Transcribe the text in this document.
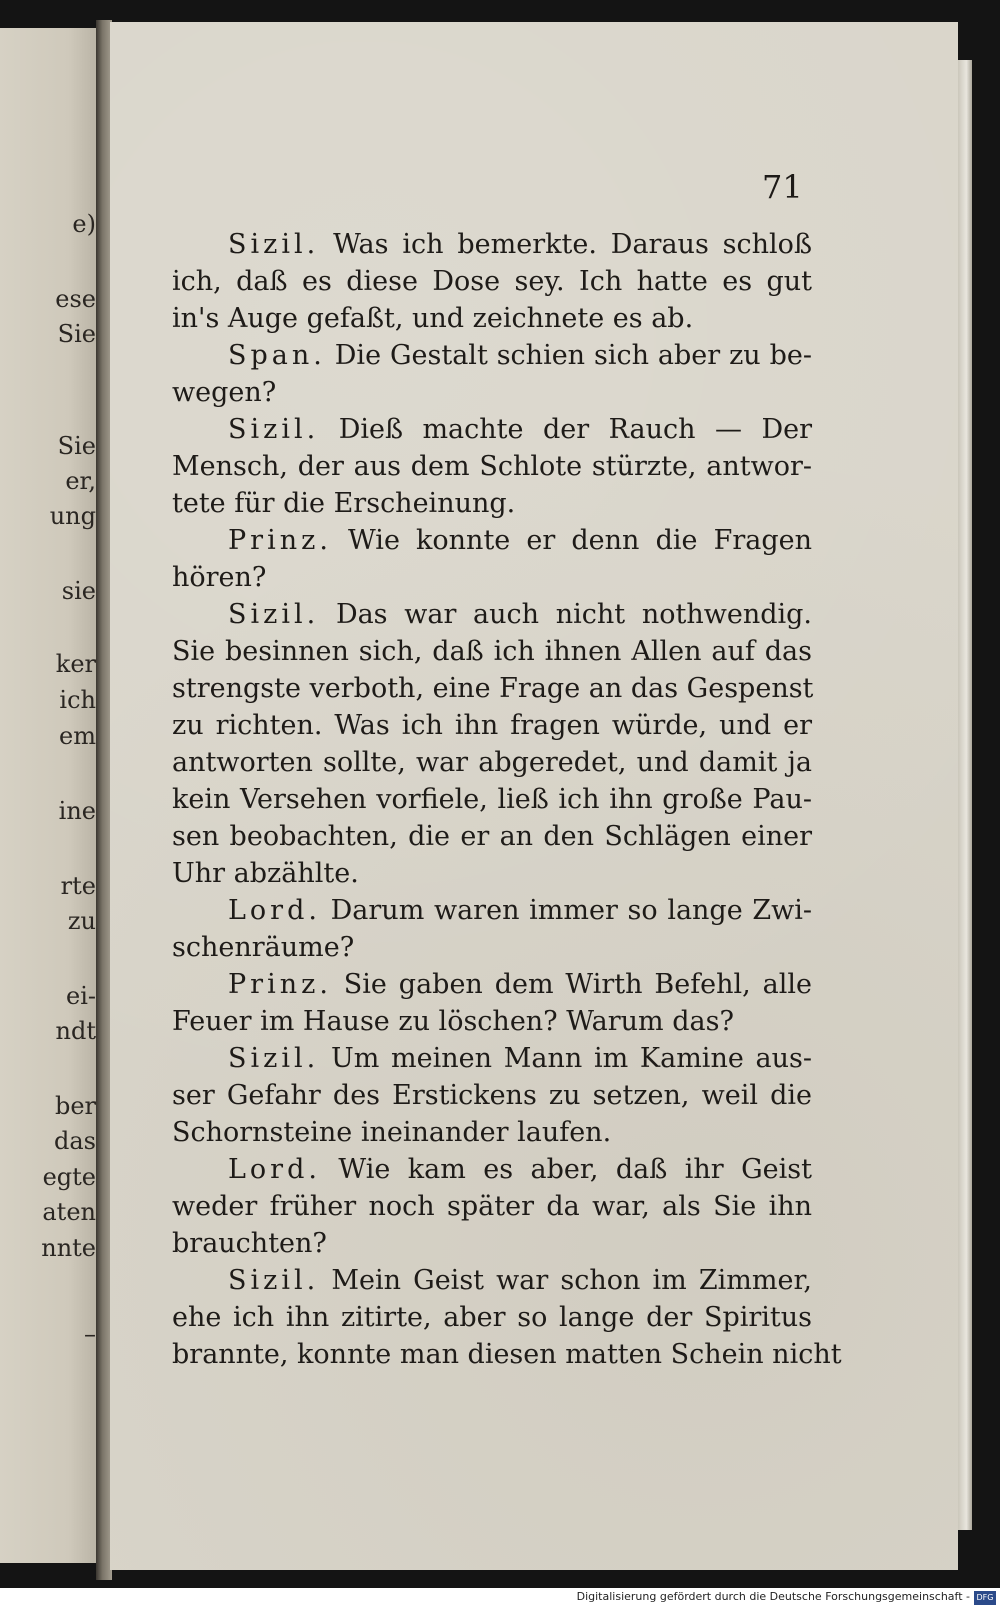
e)
ese
Sie
Sie
er,
ung
sie
ker
ich
em
ine
rte
zu
ei-
ndt
ber
das
egte
aten
nnte
–
71
Sizil. Was ich bemerkte. Daraus schloß
ich, daß es diese Dose sey. Ich hatte es gut
in's Auge gefaßt, und zeichnete es ab.
Span. Die Gestalt schien sich aber zu be-
wegen?
Sizil. Dieß machte der Rauch — Der
Mensch, der aus dem Schlote stürzte, antwor-
tete für die Erscheinung.
Prinz. Wie konnte er denn die Fragen
hören?
Sizil. Das war auch nicht nothwendig.
Sie besinnen sich, daß ich ihnen Allen auf das
strengste verboth, eine Frage an das Gespenst
zu richten. Was ich ihn fragen würde, und er
antworten sollte, war abgeredet, und damit ja
kein Versehen vorfiele, ließ ich ihn große Pau-
sen beobachten, die er an den Schlägen einer
Uhr abzählte.
Lord. Darum waren immer so lange Zwi-
schenräume?
Prinz. Sie gaben dem Wirth Befehl, alle
Feuer im Hause zu löschen? Warum das?
Sizil. Um meinen Mann im Kamine aus-
ser Gefahr des Erstickens zu setzen, weil die
Schornsteine ineinander laufen.
Lord. Wie kam es aber, daß ihr Geist
weder früher noch später da war, als Sie ihn
brauchten?
Sizil. Mein Geist war schon im Zimmer,
ehe ich ihn zitirte, aber so lange der Spiritus
brannte, konnte man diesen matten Schein nicht
Digitalisierung gefördert durch die Deutsche Forschungsgemeinschaft - DFG
